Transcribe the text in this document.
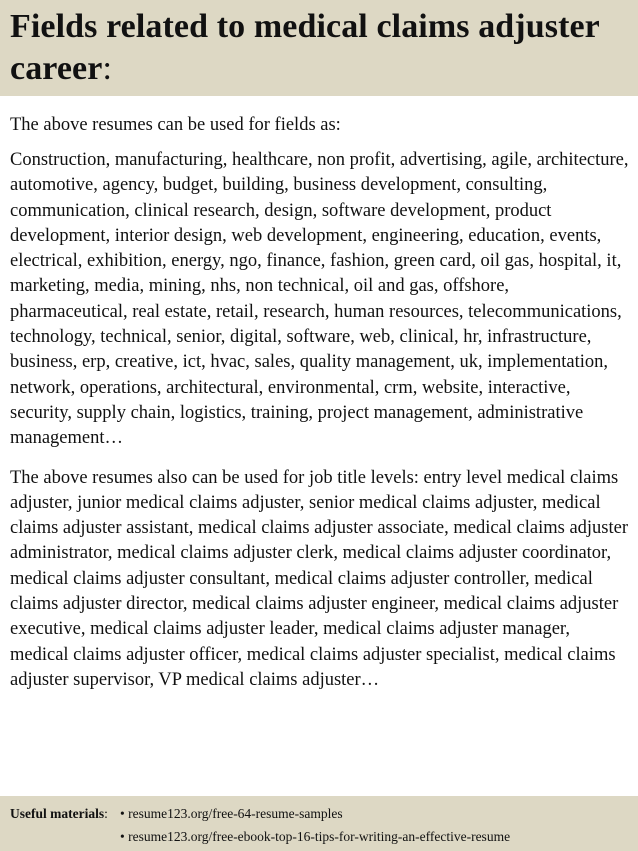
Fields related to medical claims adjuster career:

The above resumes can be used for fields as:

Construction, manufacturing, healthcare, non profit, advertising, agile, architecture, automotive, agency, budget, building, business development, consulting, communication, clinical research, design, software development, product development, interior design, web development, engineering, education, events, electrical, exhibition, energy, ngo, finance, fashion, green card, oil gas, hospital, it, marketing, media, mining, nhs, non technical, oil and gas, offshore, pharmaceutical, real estate, retail, research, human resources, telecommunications, technology, technical, senior, digital, software, web, clinical, hr, infrastructure, business, erp, creative, ict, hvac, sales, quality management, uk, implementation, network, operations, architectural, environmental, crm, website, interactive, security, supply chain, logistics, training, project management, administrative management…

The above resumes also can be used for job title levels: entry level medical claims adjuster, junior medical claims adjuster, senior medical claims adjuster, medical claims adjuster assistant, medical claims adjuster associate, medical claims adjuster administrator, medical claims adjuster clerk, medical claims adjuster coordinator, medical claims adjuster consultant, medical claims adjuster controller, medical claims adjuster director, medical claims adjuster engineer, medical claims adjuster executive, medical claims adjuster leader, medical claims adjuster manager, medical claims adjuster officer, medical claims adjuster specialist, medical claims adjuster supervisor, VP medical claims adjuster…

Useful materials: • resume123.org/free-64-resume-samples
• resume123.org/free-ebook-top-16-tips-for-writing-an-effective-resume
